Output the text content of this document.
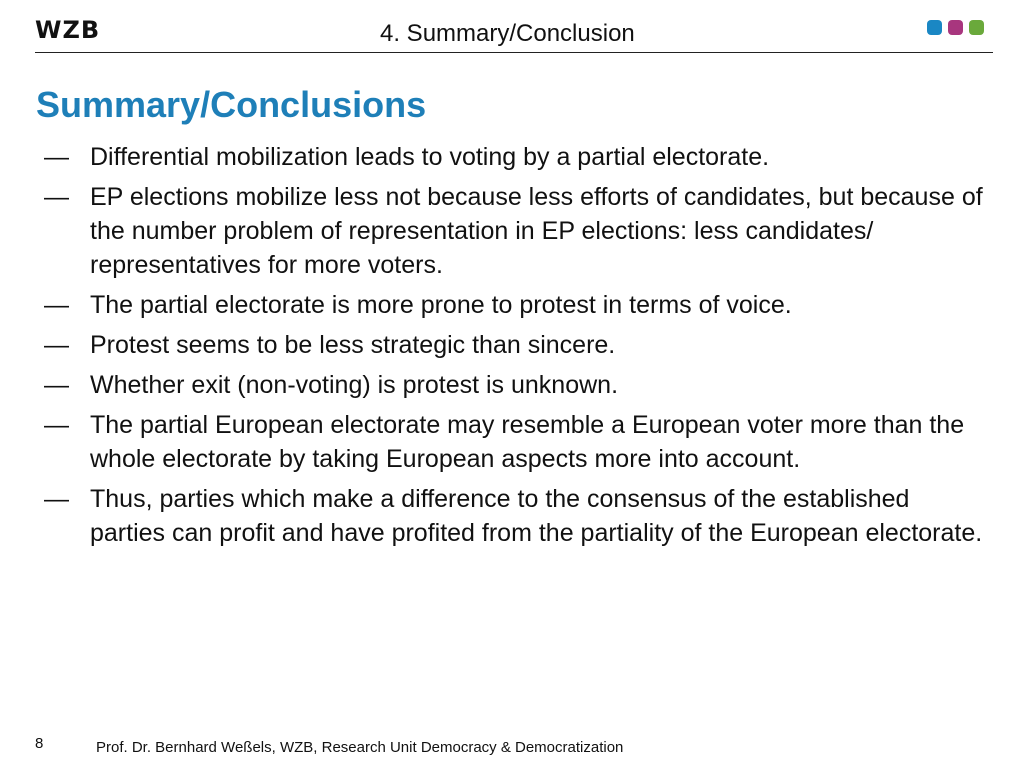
WZB	4. Summary/Conclusion
Summary/Conclusions
— Differential mobilization leads to voting by a partial electorate.
— EP elections mobilize less not because less efforts of candidates, but because of the number problem of representation in EP elections: less candidates/ representatives for more voters.
— The partial electorate is more prone to protest in terms of voice.
— Protest seems to be less strategic than sincere.
— Whether exit (non-voting) is protest is unknown.
— The partial European electorate may resemble a European voter more than the whole electorate by taking European aspects more into account.
— Thus, parties which make a difference to the consensus of the established parties can profit and have profited from the partiality of the European electorate.
8	Prof. Dr. Bernhard Weßels, WZB, Research Unit Democracy & Democratization
